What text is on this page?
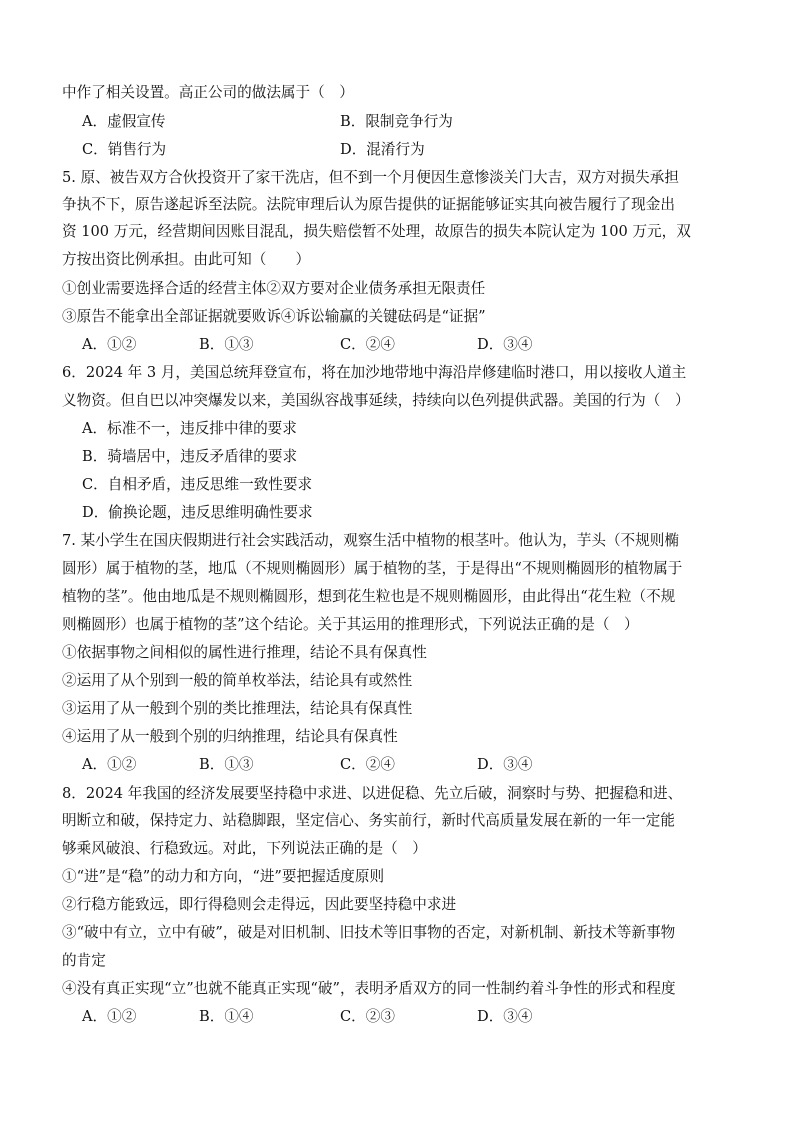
中作了相关设置。高正公司的做法属于（　）
A．虚假宣传	B．限制竞争行为
C．销售行为	D．混淆行为
5. 原、被告双方合伙投资开了家干洗店，但不到一个月便因生意惨淡关门大吉，双方对损失承担
争执不下，原告遂起诉至法院。法院审理后认为原告提供的证据能够证实其向被告履行了现金出
资 100 万元，经营期间因账目混乱，损失赔偿暂不处理，故原告的损失本院认定为 100 万元，双
方按出资比例承担。由此可知（　　）
①创业需要选择合适的经营主体②双方要对企业债务承担无限责任
③原告不能拿出全部证据就要败诉④诉讼输赢的关键砝码是“证据”
A．①②	B．①③	C．②④	D．③④
6．2024 年 3 月，美国总统拜登宣布，将在加沙地带地中海沿岸修建临时港口，用以接收人道主
义物资。但自巴以冲突爆发以来，美国纵容战事延续，持续向以色列提供武器。美国的行为（　）
A．标准不一，违反排中律的要求
B．骑墙居中，违反矛盾律的要求
C．自相矛盾，违反思维一致性要求
D．偷换论题，违反思维明确性要求
7. 某小学生在国庆假期进行社会实践活动，观察生活中植物的根茎叶。他认为，芋头（不规则椭
圆形）属于植物的茎，地瓜（不规则椭圆形）属于植物的茎，于是得出“不规则椭圆形的植物属于
植物的茎”。他由地瓜是不规则椭圆形，想到花生粒也是不规则椭圆形，由此得出“花生粒（不规
则椭圆形）也属于植物的茎”这个结论。关于其运用的推理形式，下列说法正确的是（　）
①依据事物之间相似的属性进行推理，结论不具有保真性
②运用了从个别到一般的简单枚举法，结论具有或然性
③运用了从一般到个别的类比推理法，结论具有保真性
④运用了从一般到个别的归纳推理，结论具有保真性
A．①②	B．①③	C．②④	D．③④
8．2024 年我国的经济发展要坚持稳中求进、以进促稳、先立后破，洞察时与势、把握稳和进、
明断立和破，保持定力、站稳脚跟，坚定信心、务实前行，新时代高质量发展在新的一年一定能
够乘风破浪、行稳致远。对此，下列说法正确的是（　）
①“进”是“稳”的动力和方向，“进”要把握适度原则
②行稳方能致远，即行得稳则会走得远，因此要坚持稳中求进
③“破中有立，立中有破”，破是对旧机制、旧技术等旧事物的否定，对新机制、新技术等新事物
的肯定
④没有真正实现“立”也就不能真正实现“破”，表明矛盾双方的同一性制约着斗争性的形式和程度
A．①②	B．①④	C．②③	D．③④
